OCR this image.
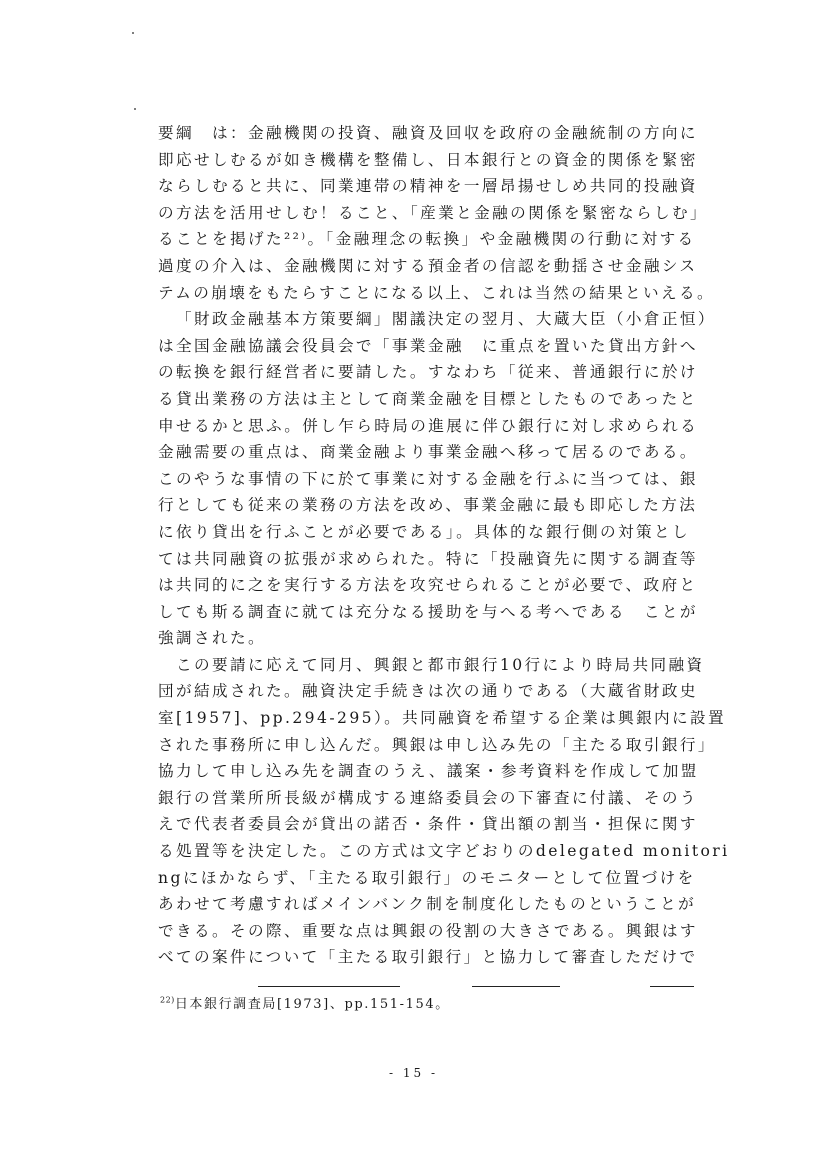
要綱　は：金融機関の投資、融資及回収を政府の金融統制の方向に
即応せしむるが如き機構を整備し、日本銀行との資金的関係を緊密
ならしむると共に、同業連帯の精神を一層昂揚せしめ共同的投融資
の方法を活用せしむ！ること、「産業と金融の関係を緊密ならしむ」
ることを掲げた²²⁾。「金融理念の転換」や金融機関の行動に対する
過度の介入は、金融機関に対する預金者の信認を動揺させ金融シス
テムの崩壊をもたらすことになる以上、これは当然の結果といえる。
「財政金融基本方策要綱」閣議決定の翌月、大蔵大臣（小倉正恒）
は全国金融協議会役員会で「事業金融　に重点を置いた貸出方針へ
の転換を銀行経営者に要請した。すなわち「従来、普通銀行に於け
る貸出業務の方法は主として商業金融を目標としたものであったと
申せるかと思ふ。併し乍ら時局の進展に伴ひ銀行に対し求められる
金融需要の重点は、商業金融より事業金融へ移って居るのである。
このやうな事情の下に於て事業に対する金融を行ふに当つては、銀
行としても従来の業務の方法を改め、事業金融に最も即応した方法
に依り貸出を行ふことが必要である」。具体的な銀行側の対策とし
ては共同融資の拡張が求められた。特に「投融資先に関する調査等
は共同的に之を実行する方法を攻究せられることが必要で、政府と
しても斯る調査に就ては充分なる援助を与へる考へである　ことが
強調された。
この要請に応えて同月、興銀と都市銀行10行により時局共同融資
団が結成された。融資決定手続きは次の通りである（大蔵省財政史
室[1957]、pp.294-295）。共同融資を希望する企業は興銀内に設置
された事務所に申し込んだ。興銀は申し込み先の「主たる取引銀行」
協力して申し込み先を調査のうえ、議案・参考資料を作成して加盟
銀行の営業所所長級が構成する連絡委員会の下審査に付議、そのう
えで代表者委員会が貸出の諾否・条件・貸出額の割当・担保に関す
る処置等を決定した。この方式は文字どおりのdelegated monitori
ngにほかならず、「主たる取引銀行」のモニターとして位置づけを
あわせて考慮すればメインバンク制を制度化したものということが
できる。その際、重要な点は興銀の役割の大きさである。興銀はす
べての案件について「主たる取引銀行」と協力して審査しただけで
$^{22)}$日本銀行調査局[1973]、pp.151-154。
- 15 -
